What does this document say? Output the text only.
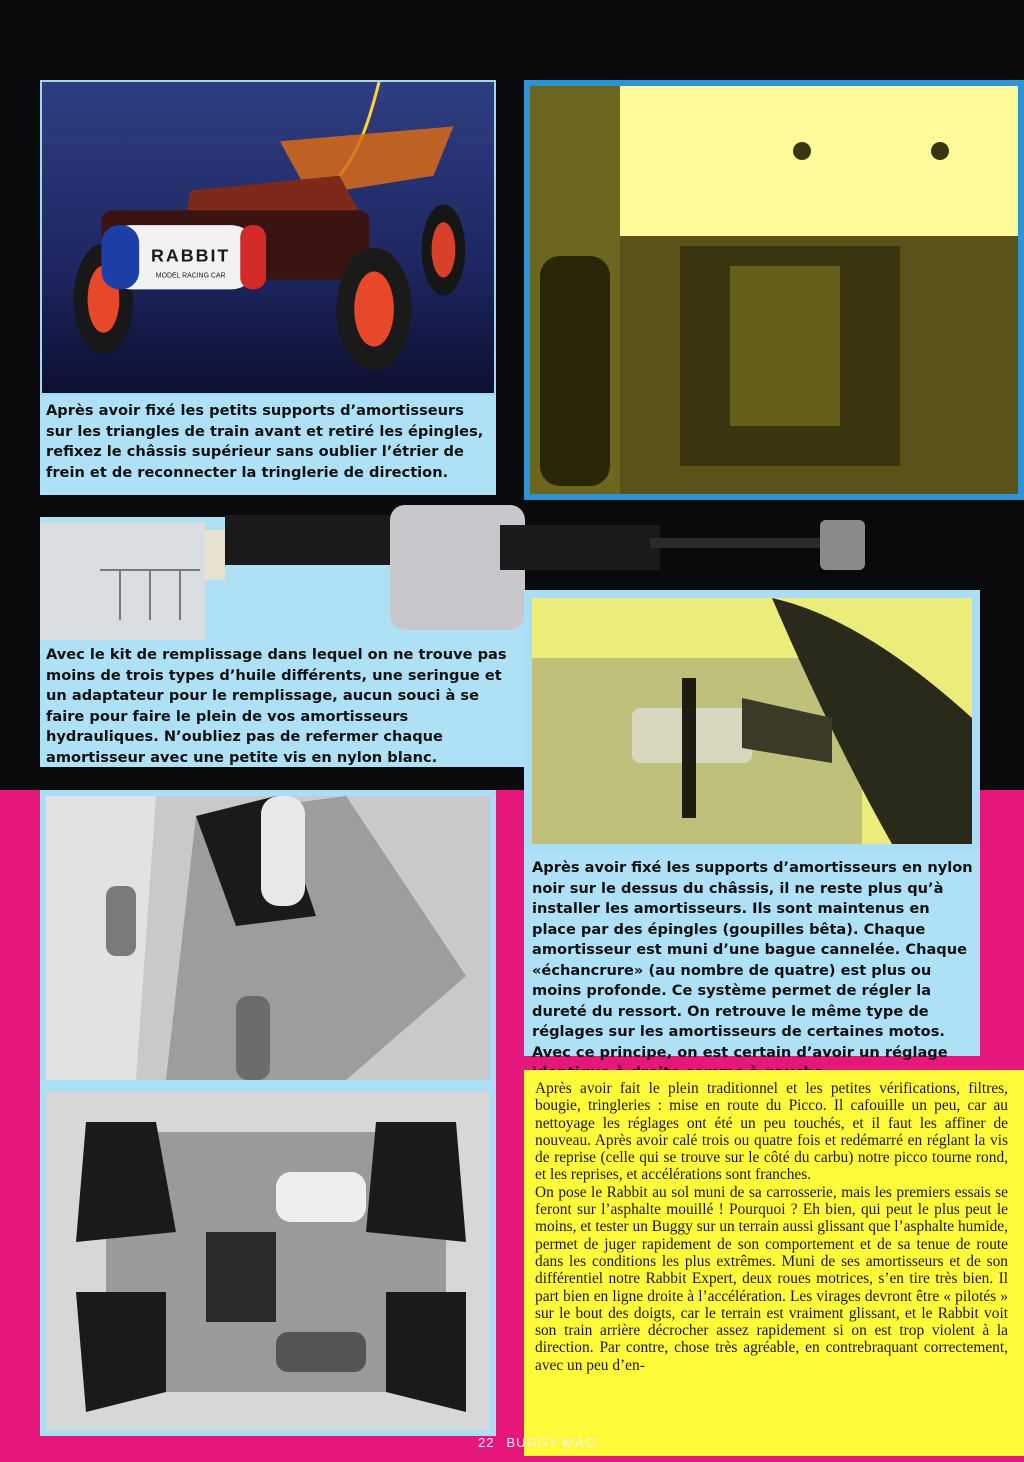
RABBIT
MODEL RACING CAR

Après avoir fixé les petits supports d’amortisseurs sur les triangles de train avant et retiré les épingles, refixez le châssis supérieur sans oublier l’étrier de frein et de reconnecter la tringlerie de direction.

Avec le kit de remplissage dans lequel on ne trouve pas moins de trois types d’huile différents, une seringue et un adaptateur pour le remplissage, aucun souci à se faire pour faire le plein de vos amortisseurs hydrauliques. N’oubliez pas de refermer chaque amortisseur avec une petite vis en nylon blanc.

Après avoir fixé les supports d’amortisseurs en nylon noir sur le dessus du châssis, il ne reste plus qu’à installer les amortisseurs. Ils sont maintenus en place par des épingles (goupilles bêta). Chaque amortisseur est muni d’une bague cannelée. Chaque «échancrure» (au nombre de quatre) est plus ou moins profonde. Ce système permet de régler la dureté du ressort. On retrouve le même type de réglages sur les amortisseurs de certaines motos. Avec ce principe, on est certain d’avoir un réglage

Après avoir fait le plein traditionnel et les petites vérifications, filtres, bougie, tringleries : mise en route du Picco. Il cafouille un peu, car au nettoyage les réglages ont été un peu touchés, et il faut les affiner de nouveau. Après avoir calé trois ou quatre fois et redémarré en réglant la vis de reprise (celle qui se trouve sur le côté du carbu) notre picco tourne rond, et les reprises, et accélérations sont franches.

On pose le Rabbit au sol muni de sa carrosserie, mais les premiers essais se feront sur l’asphalte mouillé ! Pourquoi ? Eh bien, qui peut le plus peut le moins, et tester un Buggy sur un terrain aussi glissant que l’asphalte humide, permet de juger rapidement de son comportement et de sa tenue de route dans les conditions les plus extrêmes. Muni de ses amortisseurs et de son différentiel notre Rabbit Expert, deux roues motrices, s’en tire très bien. Il part bien en ligne droite à l’accélération. Les virages devront être « pilotés » sur le bout des doigts, car le terrain est vraiment glissant, et le Rabbit voit son train arrière décrocher assez rapidement si on est trop violent à la direction. Par contre, chose très agréable, en contrebraquant correctement, avec un peu d’en-

22 BUGGY MAG'
